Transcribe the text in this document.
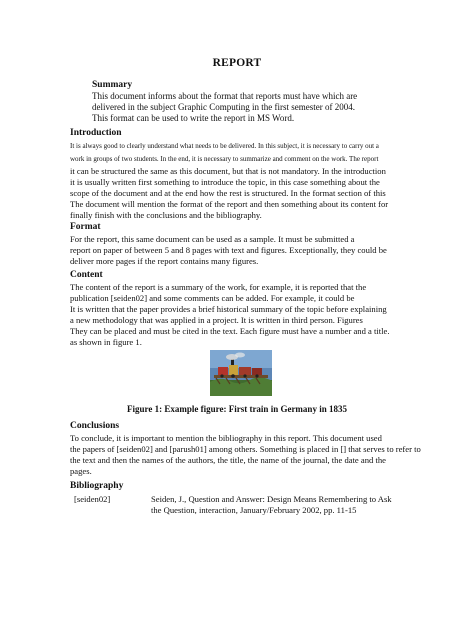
REPORT
Summary
This document informs about the format that reports must have which are
delivered in the subject Graphic Computing in the first semester of 2004.
This format can be used to write the report in MS Word.
Introduction
It is always good to clearly understand what needs to be delivered. In this subject, it is necessary to carry out a
work in groups of two students. In the end, it is necessary to summarize and comment on the work. The report
it can be structured the same as this document, but that is not mandatory. In the introduction
it is usually written first something to introduce the topic, in this case something about the
scope of the document and at the end how the rest is structured. In the format section of this
The document will mention the format of the report and then something about its content for
finally finish with the conclusions and the bibliography.
Format
For the report, this same document can be used as a sample. It must be submitted a
report on paper of between 5 and 8 pages with text and figures. Exceptionally, they could be
deliver more pages if the report contains many figures.
Content
The content of the report is a summary of the work, for example, it is reported that the
publication [seiden02] and some comments can be added. For example, it could be
It is written that the paper provides a brief historical summary of the topic before explaining
a new methodology that was applied in a project. It is written in third person. Figures
They can be placed and must be cited in the text. Each figure must have a number and a title.
as shown in figure 1.
Figure 1: Example figure: First train in Germany in 1835
Conclusions
To conclude, it is important to mention the bibliography in this report. This document used
the papers of [seiden02] and [parush01] among others. Something is placed in [] that serves to refer to
the text and then the names of the authors, the title, the name of the journal, the date and the
pages.
Bibliography
[seiden02]	Seiden, J., Question and Answer: Design Means Remembering to Ask
the Question, interaction, January/February 2002, pp. 11-15
